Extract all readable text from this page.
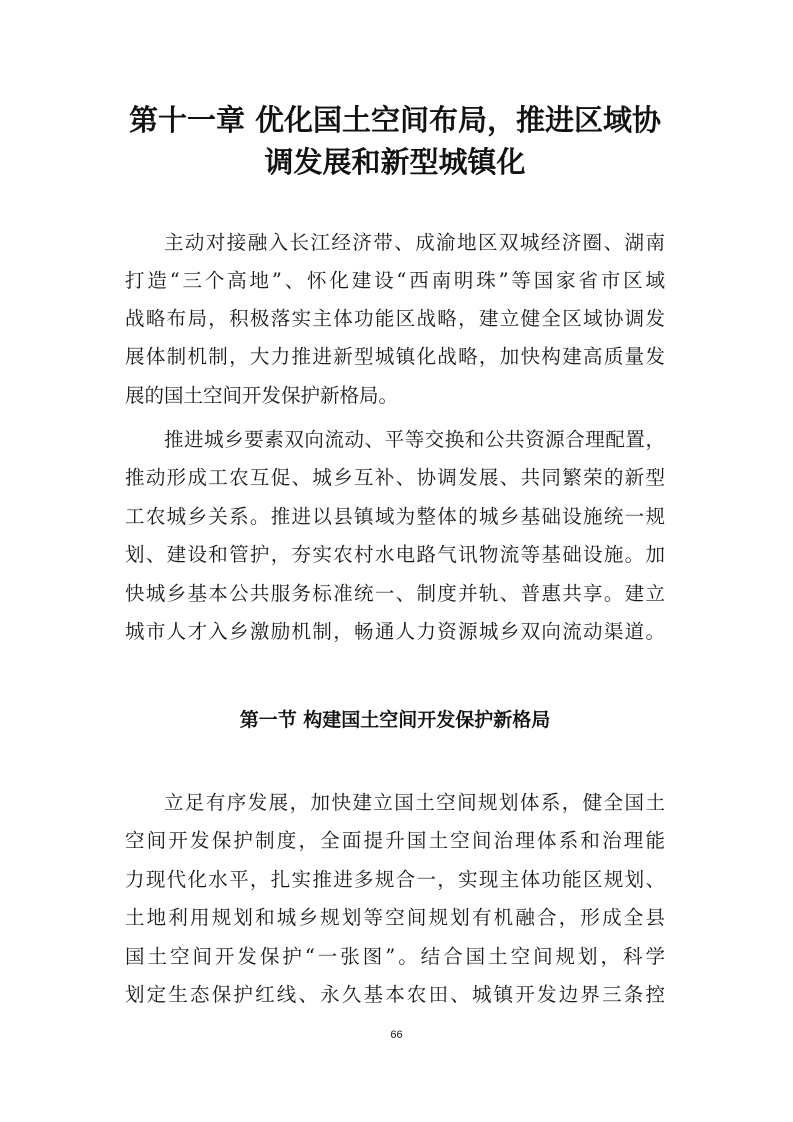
第十一章 优化国土空间布局，推进区域协
调发展和新型城镇化

主动对接融入长江经济带、成渝地区双城经济圈、湖南

打造“三个高地”、怀化建设“西南明珠”等国家省市区域

战略布局，积极落实主体功能区战略，建立健全区域协调发

展体制机制，大力推进新型城镇化战略，加快构建高质量发

展的国土空间开发保护新格局。

推进城乡要素双向流动、平等交换和公共资源合理配置，

推动形成工农互促、城乡互补、协调发展、共同繁荣的新型

工农城乡关系。推进以县镇域为整体的城乡基础设施统一规

划、建设和管护，夯实农村水电路气讯物流等基础设施。加

快城乡基本公共服务标准统一、制度并轨、普惠共享。建立

城市人才入乡激励机制，畅通人力资源城乡双向流动渠道。

第一节 构建国土空间开发保护新格局

立足有序发展，加快建立国土空间规划体系，健全国土

空间开发保护制度，全面提升国土空间治理体系和治理能

力现代化水平，扎实推进多规合一，实现主体功能区规划、

土地利用规划和城乡规划等空间规划有机融合，形成全县

国土空间开发保护“一张图”。结合国土空间规划，科学

划定生态保护红线、永久基本农田、城镇开发边界三条控

66
